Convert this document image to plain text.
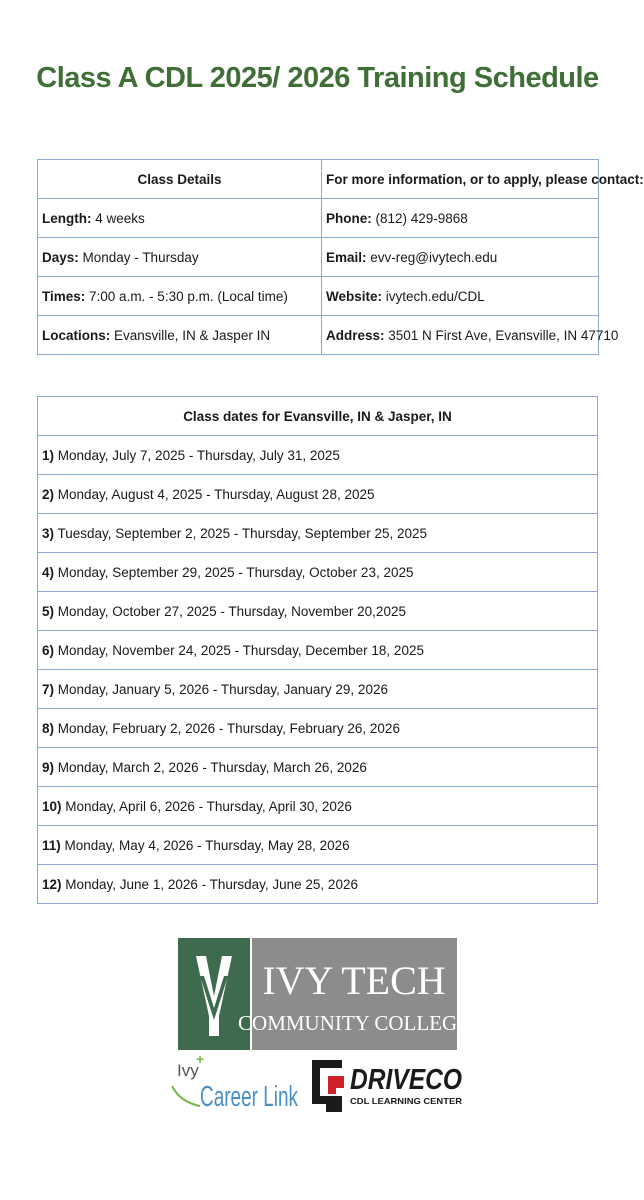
Class A CDL 2025/ 2026 Training Schedule
Class Details	For more information, or to apply, please contact:
Length: 4 weeks	Phone: (812) 429-9868
Days: Monday - Thursday	Email: evv-reg@ivytech.edu
Times: 7:00 a.m. - 5:30 p.m. (Local time)	Website: ivytech.edu/CDL
Locations: Evansville, IN & Jasper IN	Address: 3501 N First Ave, Evansville, IN 47710
Class dates for Evansville, IN & Jasper, IN
1) Monday, July 7, 2025 - Thursday, July 31, 2025
2) Monday, August 4, 2025 - Thursday, August 28, 2025
3) Tuesday, September 2, 2025 - Thursday, September 25, 2025
4) Monday, September 29, 2025 - Thursday, October 23, 2025
5) Monday, October 27, 2025 - Thursday, November 20,2025
6) Monday, November 24, 2025 - Thursday, December 18, 2025
7) Monday, January 5, 2026 - Thursday, January 29, 2026
8) Monday, February 2, 2026 - Thursday, February 26, 2026
9) Monday, March 2, 2026 - Thursday, March 26, 2026
10) Monday, April 6, 2026 - Thursday, April 30, 2026
11) Monday, May 4, 2026 - Thursday, May 28, 2026
12) Monday, June 1, 2026 - Thursday, June 25, 2026
IVY TECH
COMMUNITY COLLEGE
Ivy
+
Career Link
DRIVECO
CDL LEARNING CENTER
